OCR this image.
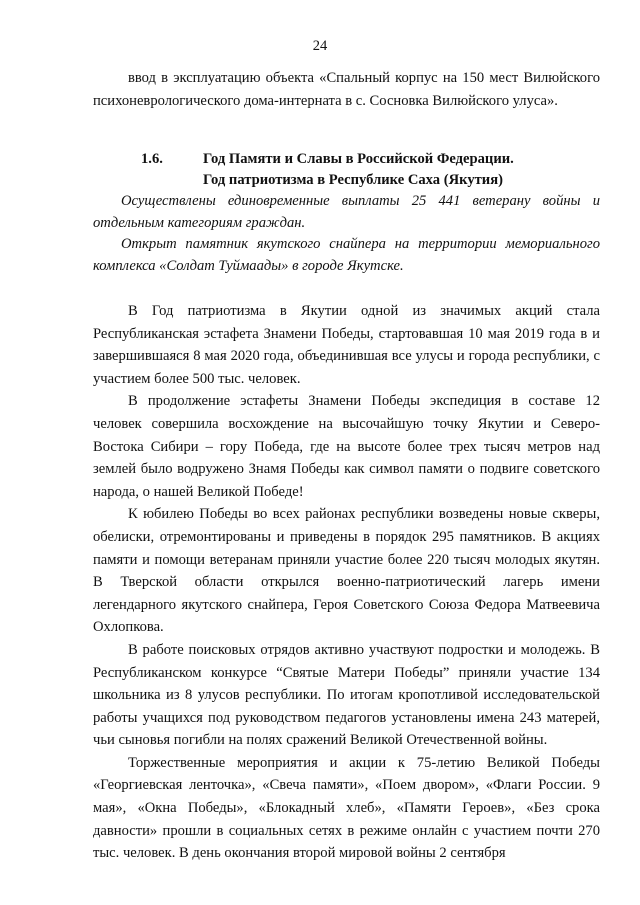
24

ввод в эксплуатацию объекта «Спальный корпус на 150 мест Вилюйского психоневрологического дома-интерната в с. Сосновка Вилюйского улуса».

1.6.	Год Памяти и Славы в Российской Федерации.
Год патриотизма в Республике Саха (Якутия)

Осуществлены единовременные выплаты 25 441 ветерану войны и отдельным категориям граждан.

Открыт памятник якутского снайпера на территории мемориального комплекса «Солдат Туймаады» в городе Якутске.

В Год патриотизма в Якутии одной из значимых акций стала Республиканская эстафета Знамени Победы, стартовавшая 10 мая 2019 года в и завершившаяся 8 мая 2020 года, объединившая все улусы и города республики, с участием более 500 тыс. человек.

В продолжение эстафеты Знамени Победы экспедиция в составе 12 человек совершила восхождение на высочайшую точку Якутии и Северо-Востока Сибири – гору Победа, где на высоте более трех тысяч метров над землей было водружено Знамя Победы как символ памяти о подвиге советского народа, о нашей Великой Победе!

К юбилею Победы во всех районах республики возведены новые скверы, обелиски, отремонтированы и приведены в порядок 295 памятников. В акциях памяти и помощи ветеранам приняли участие более 220 тысяч молодых якутян. В Тверской области открылся военно-патриотический лагерь имени легендарного якутского снайпера, Героя Советского Союза Федора Матвеевича Охлопкова.

В работе поисковых отрядов активно участвуют подростки и молодежь. В Республиканском конкурсе “Святые Матери Победы” приняли участие 134 школьника из 8 улусов республики. По итогам кропотливой исследовательской работы учащихся под руководством педагогов установлены имена 243 матерей, чьи сыновья погибли на полях сражений Великой Отечественной войны.

Торжественные мероприятия и акции к 75-летию Великой Победы «Георгиевская ленточка», «Свеча памяти», «Поем двором», «Флаги России. 9 мая», «Окна Победы», «Блокадный хлеб», «Памяти Героев», «Без срока давности» прошли в социальных сетях в режиме онлайн с участием почти 270 тыс. человек. В день окончания второй мировой войны 2 сентября
